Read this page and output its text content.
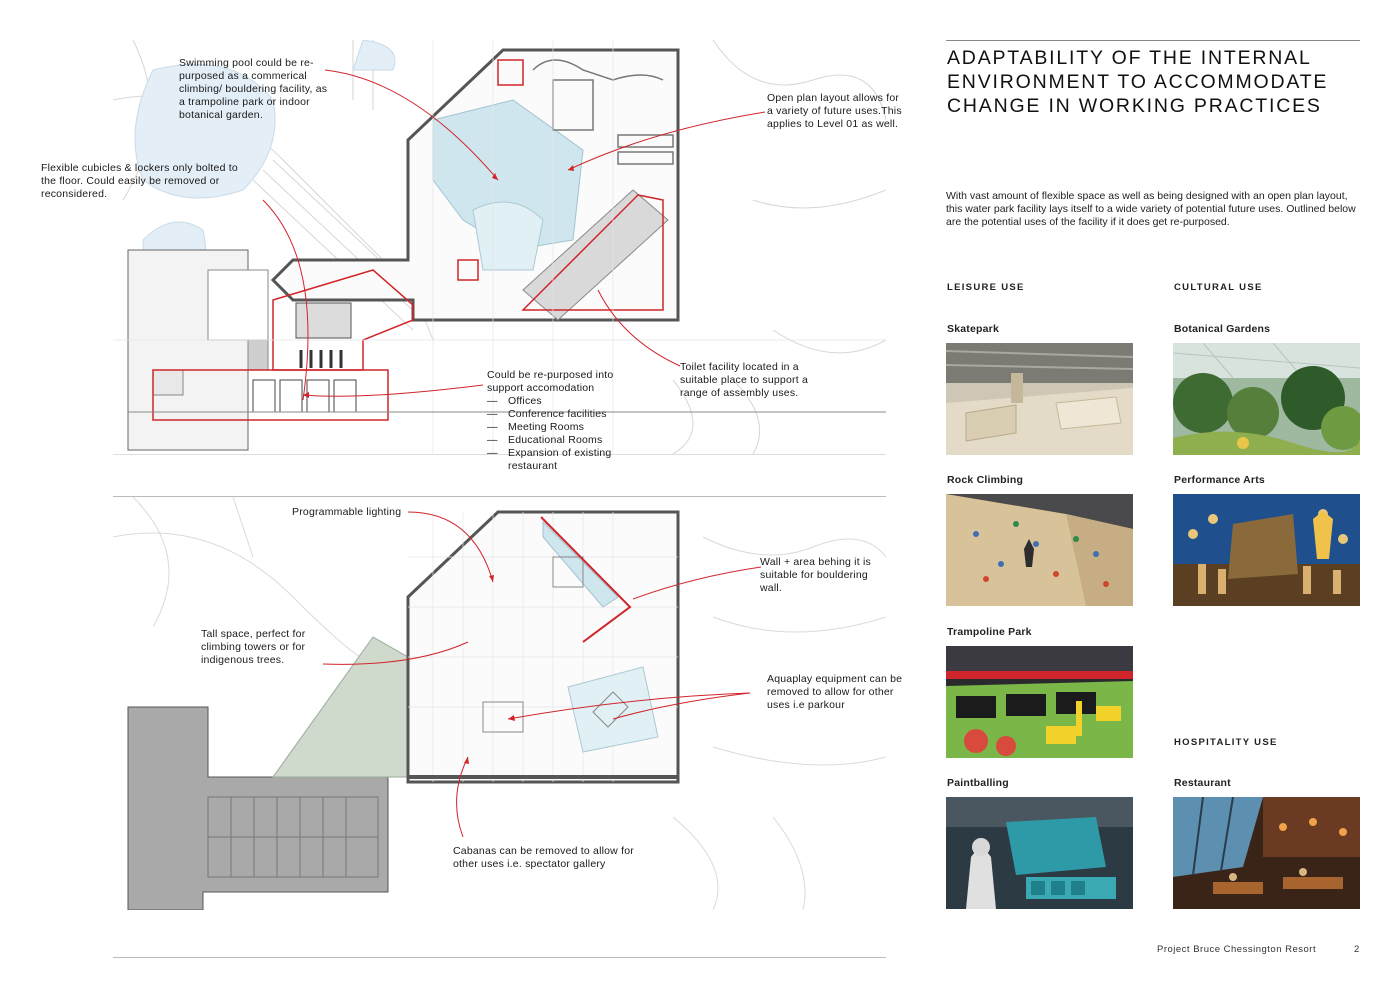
Swimming pool could be re-purposed as a commerical climbing/ bouldering facility, as a trampoline park or indoor botanical garden.
Flexible cubicles & lockers only bolted to the floor. Could easily be removed or reconsidered.
Open plan layout allows for a variety of future uses.This applies to Level 01 as well.
Could be re-purposed into support accomodation
— Offices
— Conference facilities
— Meeting Rooms
— Educational Rooms
— Expansion of existing restaurant
Toilet facility located in a suitable place to support a range of assembly uses.
Programmable lighting
Tall space, perfect for climbing towers or for indigenous trees.
Wall + area behing it is suitable for bouldering wall.
Aquaplay equipment can be removed to allow for other uses i.e parkour
Cabanas can be removed to allow for other uses i.e. spectator gallery
ADAPTABILITY OF THE INTERNAL
ENVIRONMENT TO ACCOMMODATE
CHANGE IN WORKING PRACTICES
With vast amount of flexible space as well as being designed with an open plan layout, this water park facility lays itself to a wide variety of potential future uses. Outlined below are the potential uses of the facility if it does get re-purposed.
LEISURE USE	CULTURAL USE
Skatepark	Botanical Gardens
Rock Climbing	Performance Arts
Trampoline Park
HOSPITALITY USE
Paintballing	Restaurant
Project Bruce Chessington Resort	2
